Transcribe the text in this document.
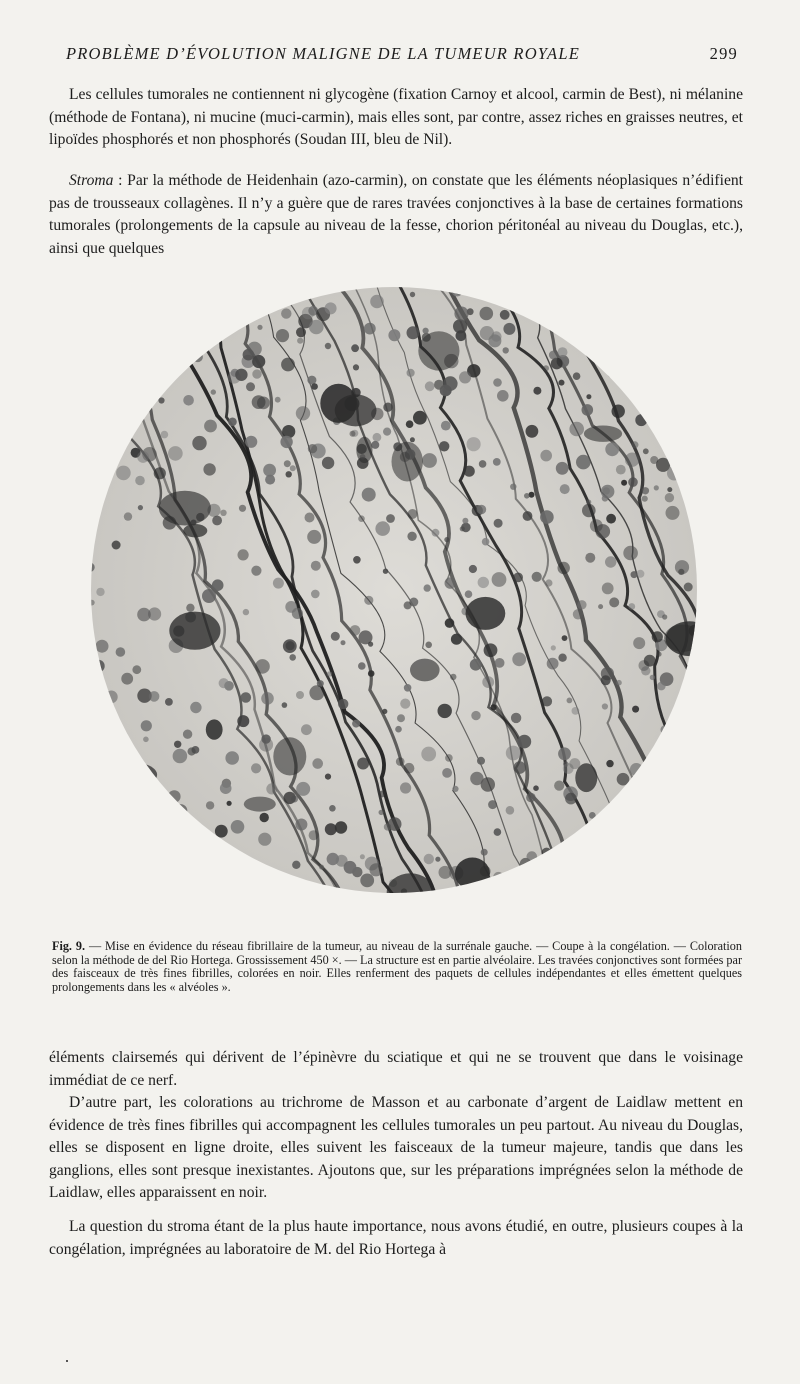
PROBLÈME D’ÉVOLUTION MALIGNE DE LA TUMEUR ROYALE	299

Les cellules tumorales ne contiennent ni glycogène (fixation Carnoy et alcool, carmin de Best), ni mélanine (méthode de Fontana), ni mucine (muci-carmin), mais elles sont, par contre, assez riches en graisses neutres, et lipoïdes phosphorés et non phosphorés (Soudan III, bleu de Nil).

Stroma : Par la méthode de Heidenhain (azo-carmin), on constate que les éléments néoplasiques n’édifient pas de trousseaux collagènes. Il n’y a guère que de rares travées conjonctives à la base de certaines formations tumorales (prolongements de la capsule au niveau de la fesse, chorion péritonéal au niveau du Douglas, etc.), ainsi que quelques

Fig. 9. — Mise en évidence du réseau fibrillaire de la tumeur, au niveau de la surrénale gauche. — Coupe à la congélation. — Coloration selon la méthode de del Rio Hortega. Grossissement 450 ×. — La structure est en partie alvéolaire. Les travées conjonctives sont formées par des faisceaux de très fines fibrilles, colorées en noir. Elles renferment des paquets de cellules indépendantes et elles émettent quelques prolongements dans les « alvéoles ».

éléments clairsemés qui dérivent de l’épinèvre du sciatique et qui ne se trouvent que dans le voisinage immédiat de ce nerf.

D’autre part, les colorations au trichrome de Masson et au carbonate d’argent de Laidlaw mettent en évidence de très fines fibrilles qui accompagnent les cellules tumorales un peu partout. Au niveau du Douglas, elles se disposent en ligne droite, elles suivent les faisceaux de la tumeur majeure, tandis que dans les ganglions, elles sont presque inexistantes. Ajoutons que, sur les préparations imprégnées selon la méthode de Laidlaw, elles apparaissent en noir.

La question du stroma étant de la plus haute importance, nous avons étudié, en outre, plusieurs coupes à la congélation, imprégnées au laboratoire de M. del Rio Hortega à
